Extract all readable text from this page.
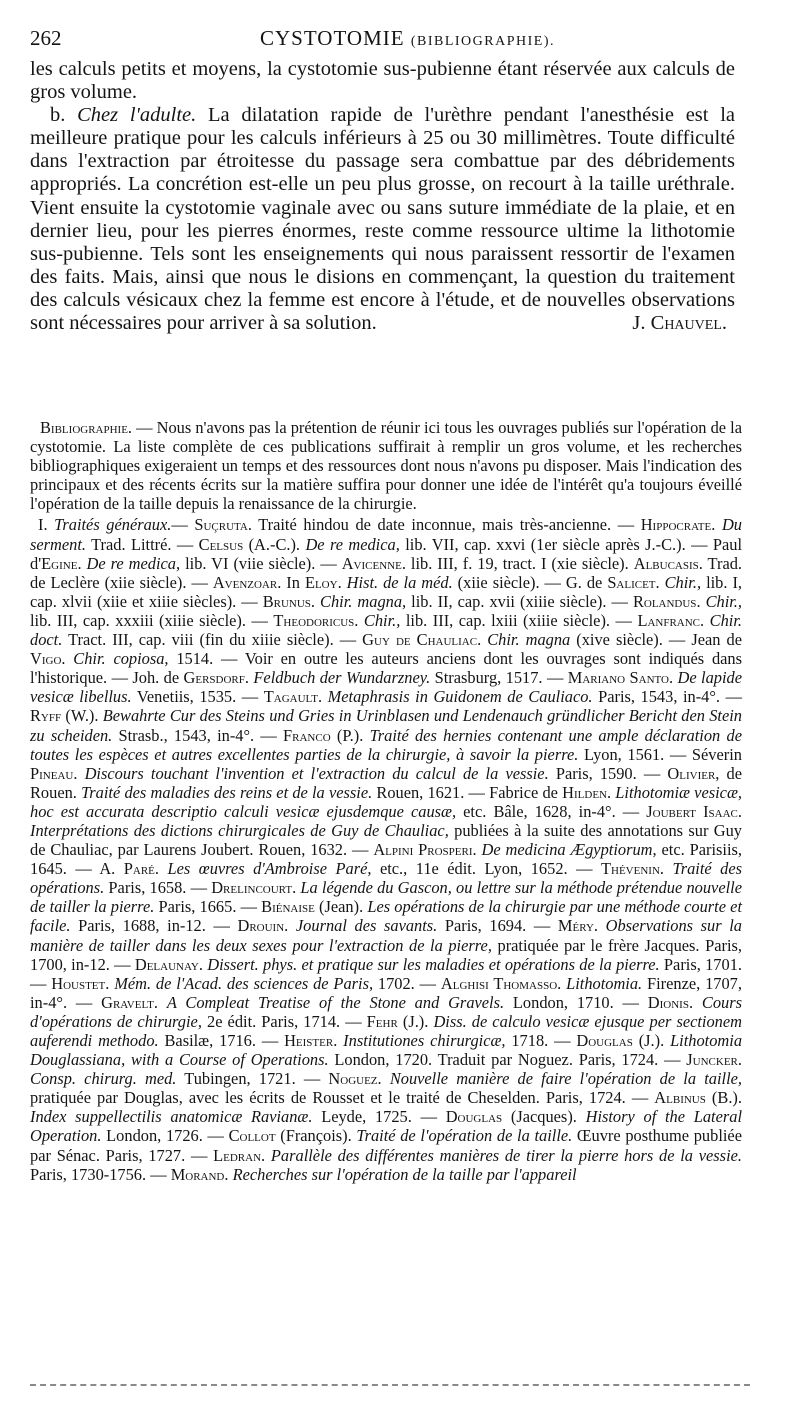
262	CYSTOTOMIE (BIBLIOGRAPHIE).

les calculs petits et moyens, la cystotomie sus-pubienne étant réservée aux calculs de gros volume.

b. Chez l'adulte. La dilatation rapide de l'urèthre pendant l'anesthésie est la meilleure pratique pour les calculs inférieurs à 25 ou 30 millimètres. Toute difficulté dans l'extraction par étroitesse du passage sera combattue par des débridements appropriés. La concrétion est-elle un peu plus grosse, on recourt à la taille uréthrale. Vient ensuite la cystotomie vaginale avec ou sans suture immédiate de la plaie, et en dernier lieu, pour les pierres énormes, reste comme ressource ultime la lithotomie sus-pubienne. Tels sont les enseignements qui nous paraissent ressortir de l'examen des faits. Mais, ainsi que nous le disions en commençant, la question du traitement des calculs vésicaux chez la femme est encore à l'étude, et de nouvelles observations sont nécessaires pour arriver à sa solution.	J. Chauvel.

Bibliographie. — Nous n'avons pas la prétention de réunir ici tous les ouvrages publiés sur l'opération de la cystotomie. La liste complète de ces publications suffirait à remplir un gros volume, et les recherches bibliographiques exigeraient un temps et des ressources dont nous n'avons pu disposer. Mais l'indication des principaux et des récents écrits sur la matière suffira pour donner une idée de l'intérêt qu'a toujours éveillé l'opération de la taille depuis la renaissance de la chirurgie.

I. Traités généraux.— Suçruta. Traité hindou de date inconnue, mais très-ancienne. — Hippocrate. Du serment. Trad. Littré. — Celsus (A.-C.). De re medica, lib. VII, cap. xxvi (1er siècle après J.-C.). — Paul d'Egine. De re medica, lib. VI (viie siècle). — Avicenne. lib. III, f. 19, tract. I (xie siècle). Albucasis. Trad. de Leclère (xiie siècle). — Avenzoar. In Eloy. Hist. de la méd. (xiie siècle). — G. de Salicet. Chir., lib. I, cap. xlvii (xiie et xiiie siècles). — Brunus. Chir. magna, lib. II, cap. xvii (xiiie siècle). — Rolandus. Chir., lib. III, cap. xxxiii (xiiie siècle). — Theodoricus. Chir., lib. III, cap. lxiii (xiiie siècle). — Lanfranc. Chir. doct. Tract. III, cap. viii (fin du xiiie siècle). — Guy de Chauliac. Chir. magna (xive siècle). — Jean de Vigo. Chir. copiosa, 1514. — Voir en outre les auteurs anciens dont les ouvrages sont indiqués dans l'historique. — Joh. de Gersdorf. Feldbuch der Wundarzney. Strasburg, 1517. — Mariano Santo. De lapide vesicæ libellus. Venetiis, 1535. — Tagault. Metaphrasis in Guidonem de Cauliaco. Paris, 1543, in-4°. — Ryff (W.). Bewahrte Cur des Steins und Gries in Urinblasen und Lendenauch gründlicher Bericht den Stein zu scheiden. Strasb., 1543, in-4°. — Franco (P.). Traité des hernies contenant une ample déclaration de toutes les espèces et autres excellentes parties de la chirurgie, à savoir la pierre. Lyon, 1561. — Séverin Pineau. Discours touchant l'invention et l'extraction du calcul de la vessie. Paris, 1590. — Olivier, de Rouen. Traité des maladies des reins et de la vessie. Rouen, 1621. — Fabrice de Hilden. Lithotomiæ vesicæ, hoc est accurata descriptio calculi vesicæ ejusdemque causæ, etc. Bâle, 1628, in-4°. — Joubert Isaac. Interprétations des dictions chirurgicales de Guy de Chauliac, publiées à la suite des annotations sur Guy de Chauliac, par Laurens Joubert. Rouen, 1632. — Alpini Prosperi. De medicina Ægyptiorum, etc. Parisiis, 1645. — A. Paré. Les œuvres d'Ambroise Paré, etc., 11e édit. Lyon, 1652. — Thévenin. Traité des opérations. Paris, 1658. — Drelincourt. La légende du Gascon, ou lettre sur la méthode prétendue nouvelle de tailler la pierre. Paris, 1665. — Biénaise (Jean). Les opérations de la chirurgie par une méthode courte et facile. Paris, 1688, in-12. — Drouin. Journal des savants. Paris, 1694. — Méry. Observations sur la manière de tailler dans les deux sexes pour l'extraction de la pierre, pratiquée par le frère Jacques. Paris, 1700, in-12. — Delaunay. Dissert. phys. et pratique sur les maladies et opérations de la pierre. Paris, 1701. — Houstet. Mém. de l'Acad. des sciences de Paris, 1702. — Alghisi Thomasso. Lithotomia. Firenze, 1707, in-4°. — Gravelt. A Compleat Treatise of the Stone and Gravels. London, 1710. — Dionis. Cours d'opérations de chirurgie, 2e édit. Paris, 1714. — Fehr (J.). Diss. de calculo vesicæ ejusque per sectionem auferendi methodo. Basilæ, 1716. — Heister. Institutiones chirurgicæ, 1718. — Douglas (J.). Lithotomia Douglassiana, with a Course of Operations. London, 1720. Traduit par Noguez. Paris, 1724. — Juncker. Consp. chirurg. med. Tubingen, 1721. — Noguez. Nouvelle manière de faire l'opération de la taille, pratiquée par Douglas, avec les écrits de Rousset et le traité de Cheselden. Paris, 1724. — Albinus (B.). Index suppellectilis anatomicæ Ravianæ. Leyde, 1725. — Douglas (Jacques). History of the Lateral Operation. London, 1726. — Collot (François). Traité de l'opération de la taille. Œuvre posthume publiée par Sénac. Paris, 1727. — Ledran. Parallèle des différentes manières de tirer la pierre hors de la vessie. Paris, 1730-1756. — Morand. Recherches sur l'opération de la taille par l'appareil
